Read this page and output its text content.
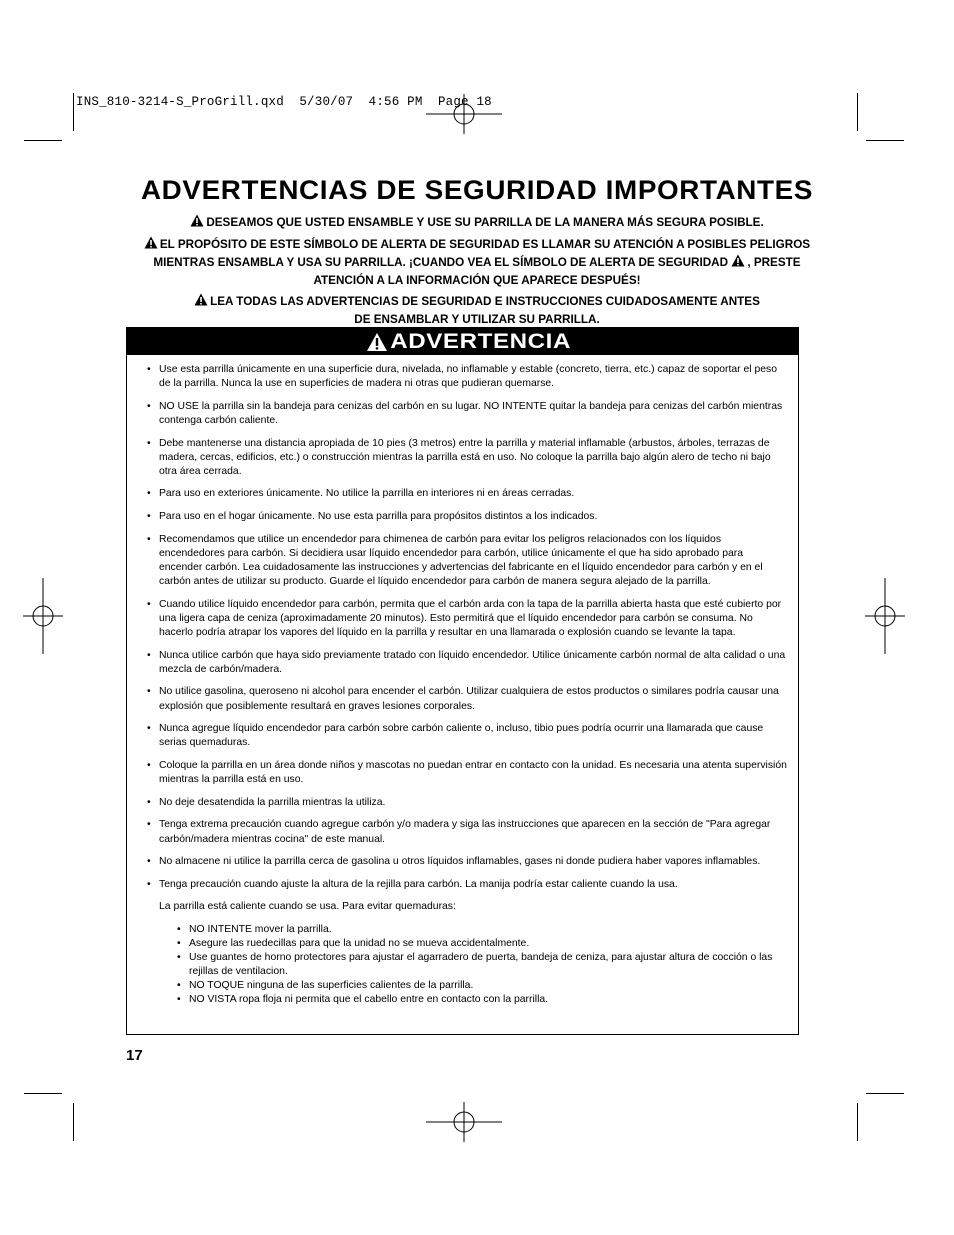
INS_810-3214-S_ProGrill.qxd  5/30/07  4:56 PM  Page 18
ADVERTENCIAS DE SEGURIDAD IMPORTANTES

DESEAMOS QUE USTED ENSAMBLE Y USE SU PARRILLA DE LA MANERA MÁS SEGURA POSIBLE.

EL PROPÓSITO DE ESTE SÍMBOLO DE ALERTA DE SEGURIDAD ES LLAMAR SU ATENCIÓN A POSIBLES PELIGROS
MIENTRAS ENSAMBLA Y USA SU PARRILLA. ¡CUANDO VEA EL SÍMBOLO DE ALERTA DE SEGURIDAD , PRESTE
ATENCIÓN A LA INFORMACIÓN QUE APARECE DESPUÉS!

LEA TODAS LAS ADVERTENCIAS DE SEGURIDAD E INSTRUCCIONES CUIDADOSAMENTE ANTES
DE ENSAMBLAR Y UTILIZAR SU PARRILLA.

ADVERTENCIA
• Use esta parrilla únicamente en una superficie dura, nivelada, no inflamable y estable (concreto, tierra, etc.) capaz de soportar el peso de la parrilla. Nunca la use en superficies de madera ni otras que pudieran quemarse.
• NO USE la parrilla sin la bandeja para cenizas del carbón en su lugar. NO INTENTE quitar la bandeja para cenizas del carbón mientras contenga carbón caliente.
• Debe mantenerse una distancia apropiada de 10 pies (3 metros) entre la parrilla y material inflamable (arbustos, árboles, terrazas de madera, cercas, edificios, etc.) o construcción mientras la parrilla está en uso. No coloque la parrilla bajo algún alero de techo ni bajo otra área cerrada.
• Para uso en exteriores únicamente. No utilice la parrilla en interiores ni en áreas cerradas.
• Para uso en el hogar únicamente. No use esta parrilla para propósitos distintos a los indicados.
• Recomendamos que utilice un encendedor para chimenea de carbón para evitar los peligros relacionados con los líquidos encendedores para carbón. Si decidiera usar líquido encendedor para carbón, utilice únicamente el que ha sido aprobado para encender carbón. Lea cuidadosamente las instrucciones y advertencias del fabricante en el líquido encendedor para carbón y en el carbón antes de utilizar su producto. Guarde el líquido encendedor para carbón de manera segura alejado de la parrilla.
• Cuando utilice líquido encendedor para carbón, permita que el carbón arda con la tapa de la parrilla abierta hasta que esté cubierto por una ligera capa de ceniza (aproximadamente 20 minutos). Esto permitirá que el líquido encendedor para carbón se consuma. No hacerlo podría atrapar los vapores del líquido en la parrilla y resultar en una llamarada o explosión cuando se levante la tapa.
• Nunca utilice carbón que haya sido previamente tratado con líquido encendedor. Utilice únicamente carbón normal de alta calidad o una mezcla de carbón/madera.
• No utilice gasolina, queroseno ni alcohol para encender el carbón. Utilizar cualquiera de estos productos o similares podría causar una explosión que posiblemente resultará en graves lesiones corporales.
• Nunca agregue líquido encendedor para carbón sobre carbón caliente o, incluso, tibio pues podría ocurrir una llamarada que cause serias quemaduras.
• Coloque la parrilla en un área donde niños y mascotas no puedan entrar en contacto con la unidad. Es necesaria una atenta supervisión mientras la parrilla está en uso.
• No deje desatendida la parrilla mientras la utiliza.
• Tenga extrema precaución cuando agregue carbón y/o madera y siga las instrucciones que aparecen en la sección de "Para agregar carbón/madera mientras cocina" de este manual.
• No almacene ni utilice la parrilla cerca de gasolina u otros líquidos inflamables, gases ni donde pudiera haber vapores inflamables.
• Tenga precaución cuando ajuste la altura de la rejilla para carbón. La manija podría estar caliente cuando la usa.
La parrilla está caliente cuando se usa. Para evitar quemaduras:
• NO INTENTE mover la parrilla.
• Asegure las ruedecillas para que la unidad no se mueva accidentalmente.
• Use guantes de horno protectores para ajustar el agarradero de puerta, bandeja de ceniza, para ajustar altura de cocción o las rejillas de ventilacion.
• NO TOQUE ninguna de las superficies calientes de la parrilla.
• NO VISTA ropa floja ni permita que el cabello entre en contacto con la parrilla.
17
